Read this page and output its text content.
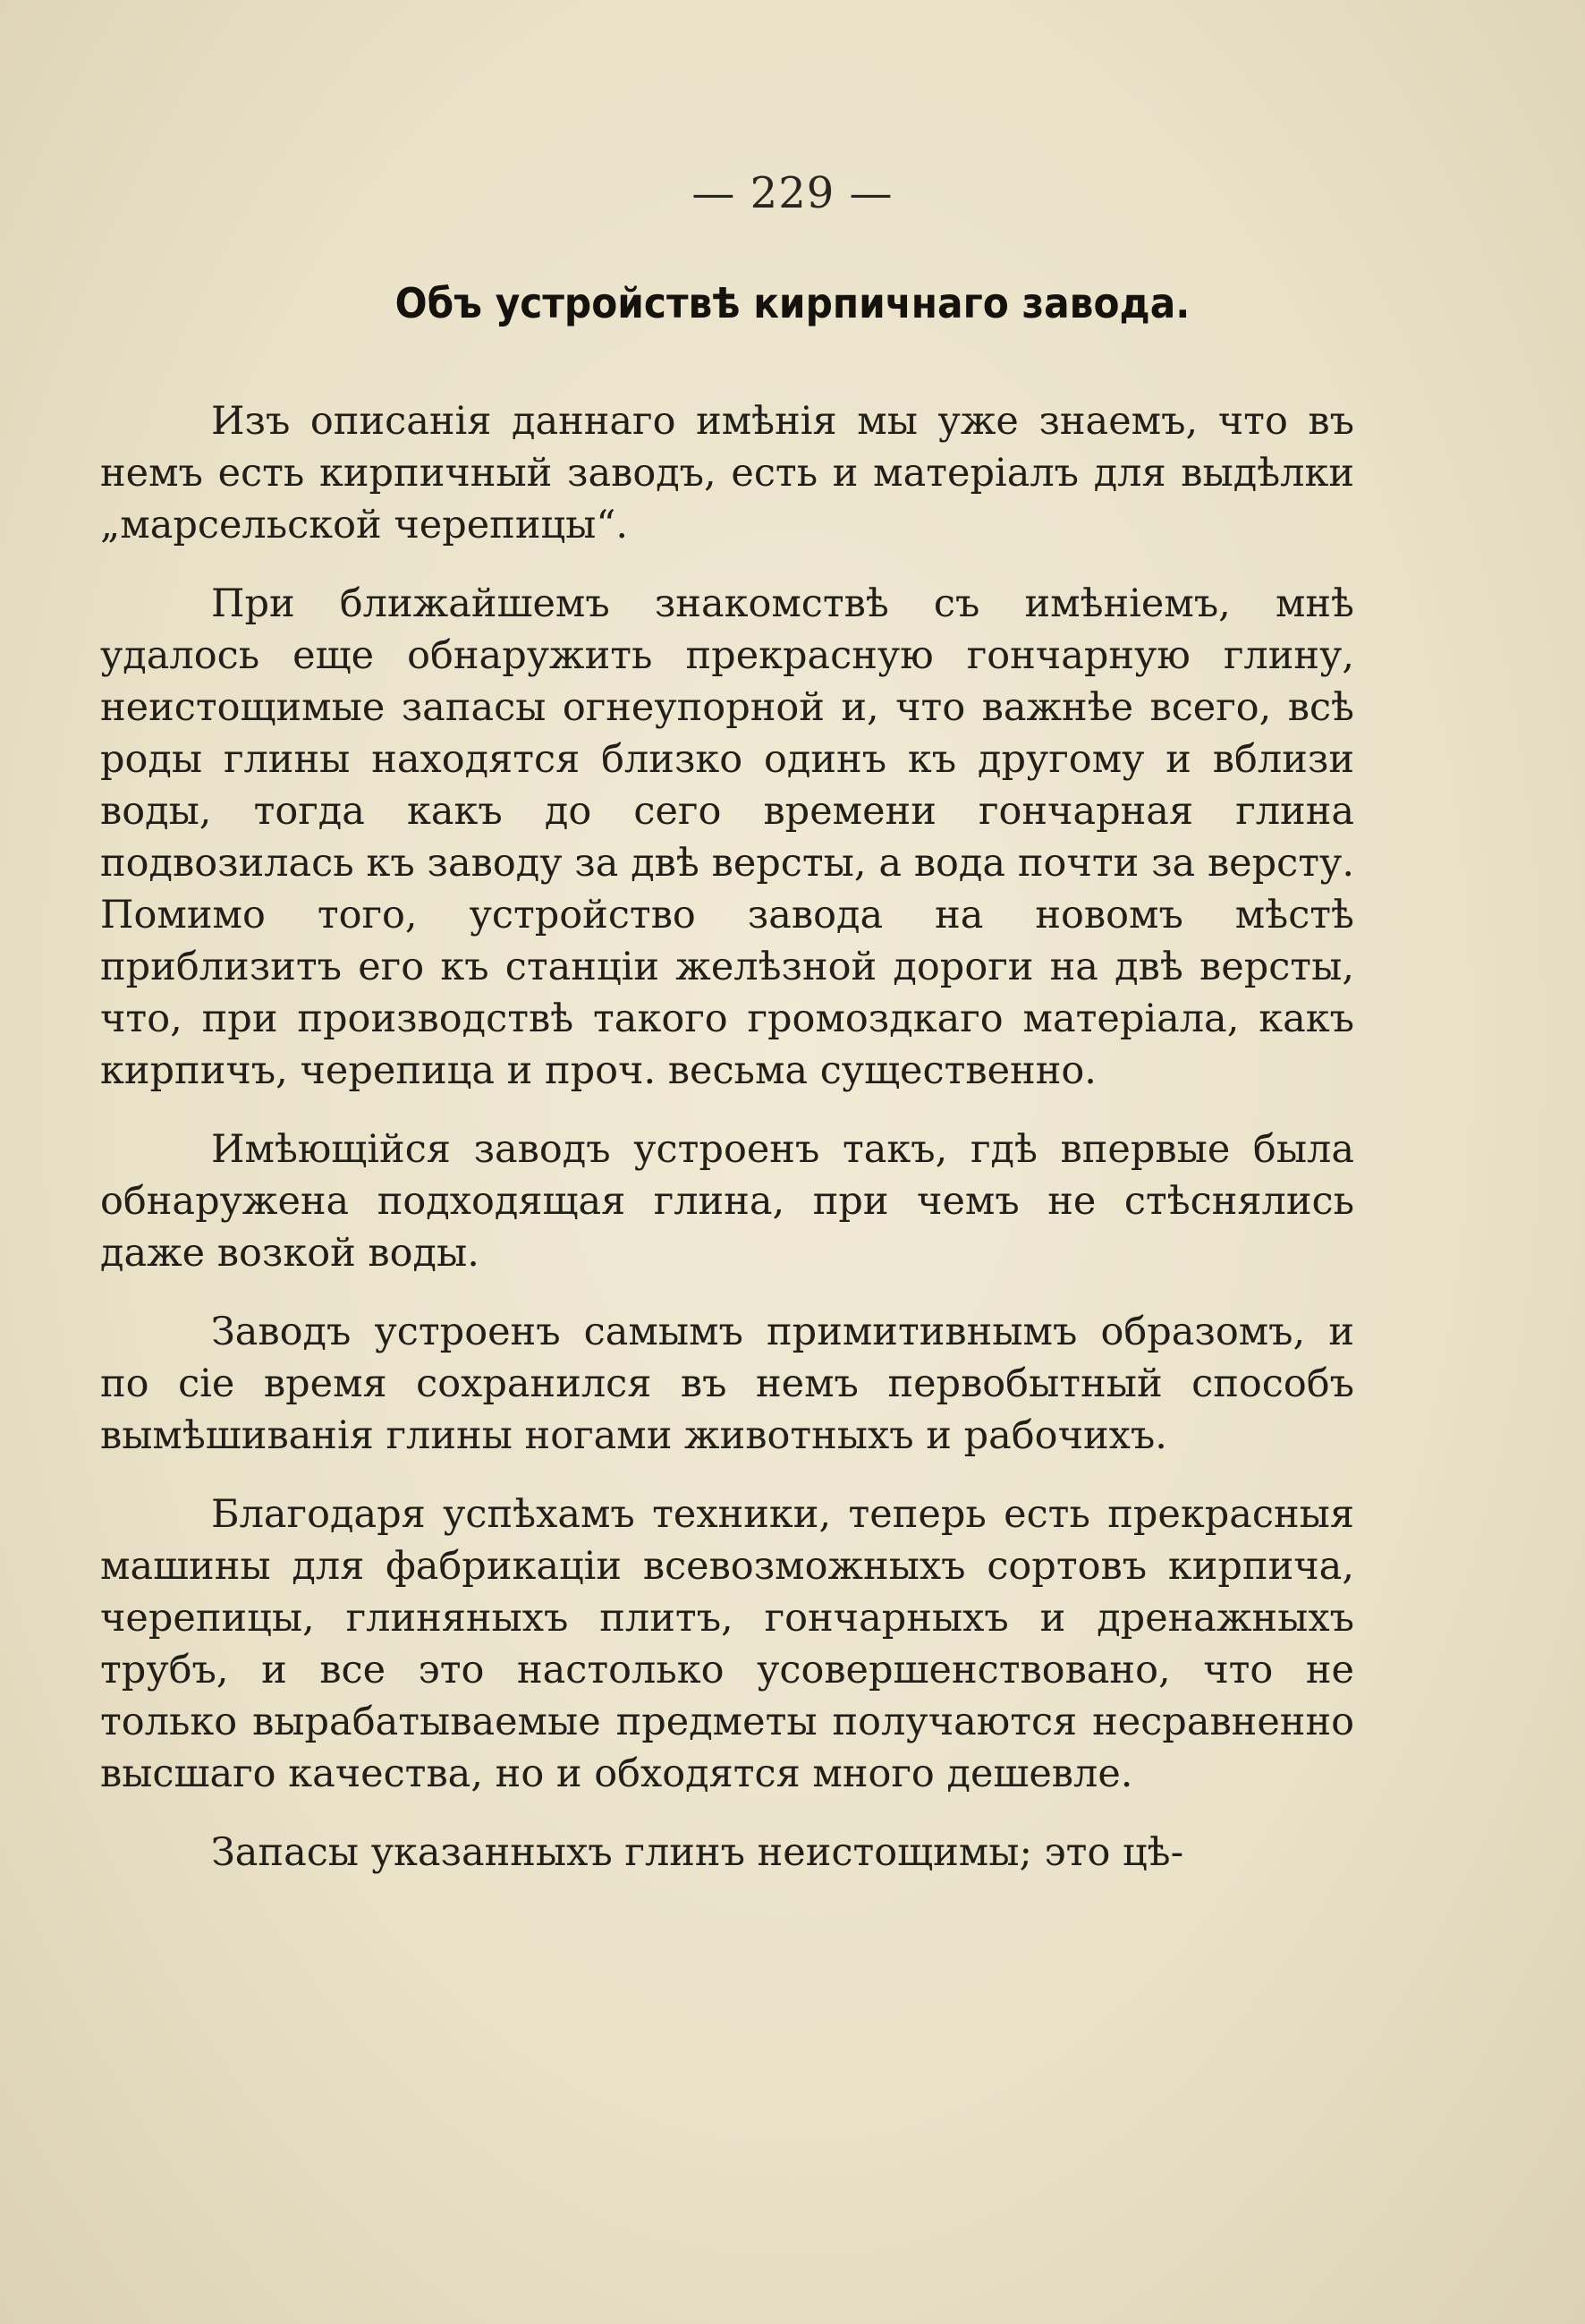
— 229 —
Объ устройствѣ кирпичнаго завода.

Изъ описанія даннаго имѣнія мы уже знаемъ, что въ немъ есть кирпичный заводъ, есть и матеріалъ для выдѣлки „марсельской черепицы“.

При ближайшемъ знакомствѣ съ имѣніемъ, мнѣ удалось еще обнаружить прекрасную гончарную глину, неистощимые запасы огнеупорной и, что важнѣе всего, всѣ роды глины находятся близко одинъ къ другому и вблизи воды, тогда какъ до сего времени гончарная глина подвозилась къ заводу за двѣ версты, а вода почти за версту. Помимо того, устройство завода на новомъ мѣстѣ приблизитъ его къ станціи желѣзной дороги на двѣ версты, что, при производствѣ такого громоздкаго матеріала, какъ кирпичъ, черепица и проч. весьма существенно.

Имѣющійся заводъ устроенъ такъ, гдѣ впервые была обнаружена подходящая глина, при чемъ не стѣснялись даже возкой воды.

Заводъ устроенъ самымъ примитивнымъ образомъ, и по сіе время сохранился въ немъ первобытный способъ вымѣшиванія глины ногами животныхъ и рабочихъ.

Благодаря успѣхамъ техники, теперь есть прекрасныя машины для фабрикаціи всевозможныхъ сортовъ кирпича, черепицы, глиняныхъ плитъ, гончарныхъ и дренажныхъ трубъ, и все это настолько усовершенствовано, что не только вырабатываемые предметы получаются несравненно высшаго качества, но и обходятся много дешевле.

Запасы указанныхъ глинъ неистощимы; это цѣ-
